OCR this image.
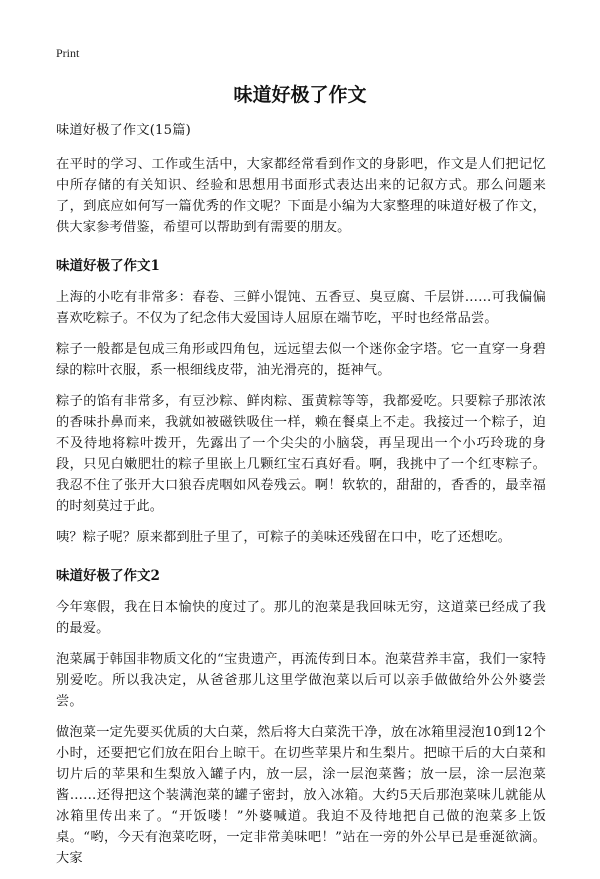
Print
味道好极了作文

味道好极了作文(15篇)

在平时的学习、工作或生活中，大家都经常看到作文的身影吧，作文是人们把记忆中所存储的有关知识、经验和思想用书面形式表达出来的记叙方式。那么问题来了，到底应如何写一篇优秀的作文呢？下面是小编为大家整理的味道好极了作文，供大家参考借鉴，希望可以帮助到有需要的朋友。

味道好极了作文1

上海的小吃有非常多：春卷、三鲜小馄饨、五香豆、臭豆腐、千层饼……可我偏偏喜欢吃粽子。不仅为了纪念伟大爱国诗人屈原在端节吃，平时也经常品尝。

粽子一般都是包成三角形或四角包，远远望去似一个迷你金字塔。它一直穿一身碧绿的粽叶衣服，系一根细线皮带，油光滑亮的，挺神气。

粽子的馅有非常多，有豆沙粽、鲜肉粽、蛋黄粽等等，我都爱吃。只要粽子那浓浓的香味扑鼻而来，我就如被磁铁吸住一样，赖在餐桌上不走。我接过一个粽子，迫不及待地将粽叶拨开，先露出了一个尖尖的小脑袋，再呈现出一个小巧玲珑的身段，只见白嫩肥壮的粽子里嵌上几颗红宝石真好看。啊，我挑中了一个红枣粽子。我忍不住了张开大口狼吞虎咽如风卷残云。啊！软软的，甜甜的，香香的，最幸福的时刻莫过于此。

咦？粽子呢？原来都到肚子里了，可粽子的美味还残留在口中，吃了还想吃。

味道好极了作文2

今年寒假，我在日本愉快的度过了。那儿的泡菜是我回味无穷，这道菜已经成了我的最爱。

泡菜属于韩国非物质文化的“宝贵遗产，再流传到日本。泡菜营养丰富，我们一家特别爱吃。所以我决定，从爸爸那儿这里学做泡菜以后可以亲手做做给外公外婆尝尝。

做泡菜一定先要买优质的大白菜，然后将大白菜洗干净，放在冰箱里浸泡10到12个小时，还要把它们放在阳台上晾干。在切些苹果片和生梨片。把晾干后的大白菜和切片后的苹果和生梨放入罐子内，放一层，涂一层泡菜酱；放一层，涂一层泡菜酱……还得把这个装满泡菜的罐子密封，放入冰箱。大约5天后那泡菜味儿就能从冰箱里传出来了。“开饭喽！”外婆喊道。我迫不及待地把自己做的泡菜多上饭桌。“哟，今天有泡菜吃呀，一定非常美味吧！”站在一旁的外公早已是垂涎欲滴。大家
